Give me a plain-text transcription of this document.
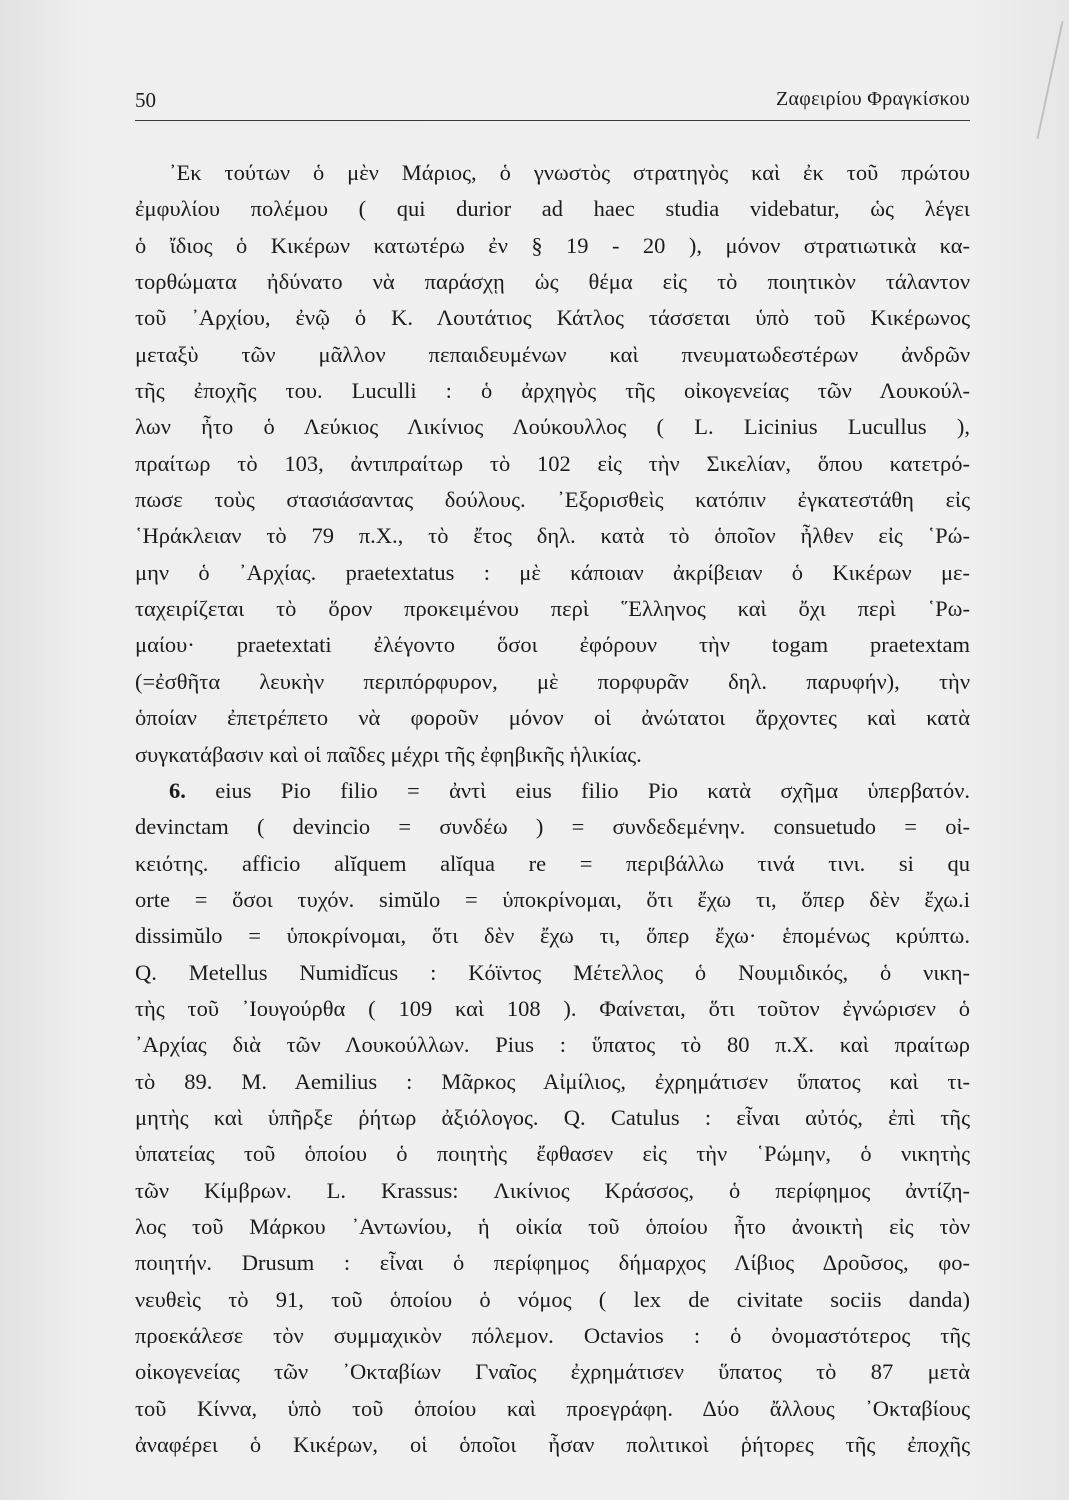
50	Ζαφειρίου Φραγκίσκου
᾿Εκ τούτων ὁ μὲν Μάριος, ὁ γνωστὸς στρατηγὸς καὶ ἐκ τοῦ πρώτου
ἐμφυλίου πολέμου ( qui durior ad haec studia videbatur, ὡς λέγει
ὁ ἴδιος ὁ Κικέρων κατωτέρω ἐν § 19 - 20 ), μόνον στρατιωτικὰ κα-
τορθώματα ἠδύνατο νὰ παράσχῃ ὡς θέμα εἰς τὸ ποιητικὸν τάλαντον
τοῦ ᾿Αρχίου, ἐνῷ ὁ Κ. Λουτάτιος Κάτλος τάσσεται ὑπὸ τοῦ Κικέρωνος
μεταξὺ τῶν μᾶλλον πεπαιδευμένων καὶ πνευματωδεστέρων ἀνδρῶν
τῆς ἐποχῆς του. Luculli : ὁ ἀρχηγὸς τῆς οἰκογενείας τῶν Λουκούλ-
λων ἦτο ὁ Λεύκιος Λικίνιος Λούκουλλος ( L. Licinius Lucullus ),
πραίτωρ τὸ 103, ἀντιπραίτωρ τὸ 102 εἰς τὴν Σικελίαν, ὅπου κατετρό-
πωσε τοὺς στασιάσαντας δούλους. ᾿Εξορισθεὶς κατόπιν ἐγκατεστάθη εἰς
῾Ηράκλειαν τὸ 79 π.Χ., τὸ ἔτος δηλ. κατὰ τὸ ὁποῖον ἦλθεν εἰς ῾Ρώ-
μην ὁ ᾿Αρχίας. praetextatus : μὲ κάποιαν ἀκρίβειαν ὁ Κικέρων με-
ταχειρίζεται τὸ ὅρον προκειμένου περὶ ῞Ελληνος καὶ ὄχι περὶ ῾Ρω-
μαίου· praetextati ἐλέγοντο ὅσοι ἐφόρουν τὴν togam praetextam
(=ἐσθῆτα λευκὴν περιπόρφυρον, μὲ πορφυρᾶν δηλ. παρυφήν), τὴν
ὁποίαν ἐπετρέπετο νὰ φοροῦν μόνον οἱ ἀνώτατοι ἄρχοντες καὶ κατὰ
συγκατάβασιν καὶ οἱ παῖδες μέχρι τῆς ἐφηβικῆς ἡλικίας.
6. eius Pio filio = ἀντὶ eius filio Pio κατὰ σχῆμα ὑπερβατόν.
devinctam ( devincio = συνδέω ) = συνδεδεμένην. consuetudo = οἰ-
κειότης. afficio alĭquem alĭqua re = περιβάλλω τινά τινι. si qu
orte = ὅσοι τυχόν. simŭlo = ὑποκρίνομαι, ὅτι ἔχω τι, ὅπερ δὲν ἔχω.i
dissimŭlo = ὑποκρίνομαι, ὅτι δὲν ἔχω τι, ὅπερ ἔχω· ἑπομένως κρύπτω.
Q. Metellus Numidĭcus : Κόϊντος Μέτελλος ὁ Νουμιδικός, ὁ νικη-
τὴς τοῦ ᾿Ιουγούρθα ( 109 καὶ 108 ). Φαίνεται, ὅτι τοῦτον ἐγνώρισεν ὁ
᾿Αρχίας διὰ τῶν Λουκούλλων. Pius : ὕπατος τὸ 80 π.Χ. καὶ πραίτωρ
τὸ 89. M. Aemilius : Μᾶρκος Αἰμίλιος, ἐχρημάτισεν ὕπατος καὶ τι-
μητὴς καὶ ὑπῆρξε ῥήτωρ ἀξιόλογος. Q. Catulus : εἶναι αὐτός, ἐπὶ τῆς
ὑπατείας τοῦ ὁποίου ὁ ποιητὴς ἔφθασεν εἰς τὴν ῾Ρώμην, ὁ νικητὴς
τῶν Κίμβρων. L. Krassus: Λικίνιος Κράσσος, ὁ περίφημος ἀντίζη-
λος τοῦ Μάρκου ᾿Αντωνίου, ἡ οἰκία τοῦ ὁποίου ἦτο ἀνοικτὴ εἰς τὸν
ποιητήν. Drusum : εἶναι ὁ περίφημος δήμαρχος Λίβιος Δροῦσος, φο-
νευθεὶς τὸ 91, τοῦ ὁποίου ὁ νόμος ( lex de civitate sociis danda)
προεκάλεσε τὸν συμμαχικὸν πόλεμον. Octavios : ὁ ὀνομαστότερος τῆς
οἰκογενείας τῶν ᾿Οκταβίων Γναῖος ἐχρημάτισεν ὕπατος τὸ 87 μετὰ
τοῦ Κίννα, ὑπὸ τοῦ ὁποίου καὶ προεγράφη. Δύο ἄλλους ᾿Οκταβίους
ἀναφέρει ὁ Κικέρων, οἱ ὁποῖοι ἦσαν πολιτικοὶ ῥήτορες τῆς ἐποχῆς
